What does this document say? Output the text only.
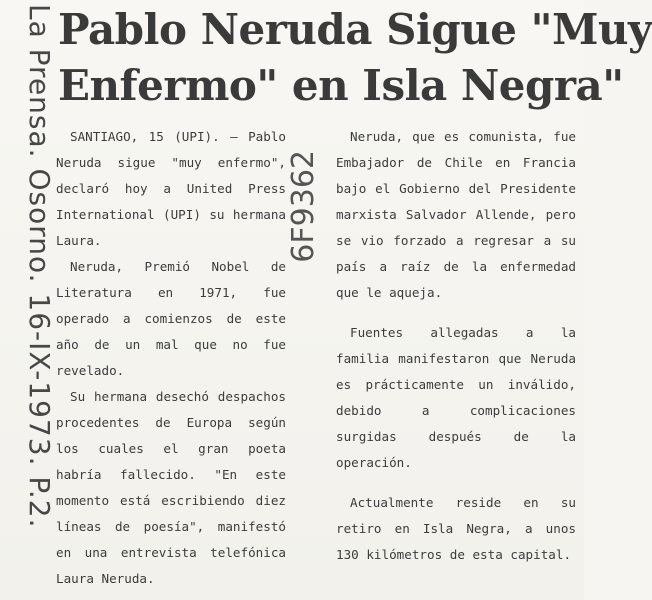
Pablo Neruda Sigue "Muy
Enfermo" en Isla Negra"
La Prensa. Osorno. 16-IX-1973. P.2.	6F9362

SANTIAGO, 15 (UPI). — Pablo Neruda sigue "muy enfermo", declaró hoy a United Press International (UPI) su hermana Laura.

Neruda, Premió Nobel de Literatura en 1971, fue operado a comienzos de este año de un mal que no fue revelado.

Su hermana desechó despachos procedentes de Europa según los cuales el gran poeta habría fallecido. "En este momento está escribiendo diez líneas de poesía", manifestó en una entrevista telefónica Laura Neruda.

Neruda, que es comunista, fue Embajador de Chile en Francia bajo el Gobierno del Presidente marxista Salvador Allende, pero se vio forzado a regresar a su país a raíz de la enfermedad que le aqueja.

Fuentes allegadas a la familia manifestaron que Neruda es prácticamente un inválido, debido a complicaciones surgidas después de la operación.

Actualmente reside en su retiro en Isla Negra, a unos 130 kilómetros de esta capital.
